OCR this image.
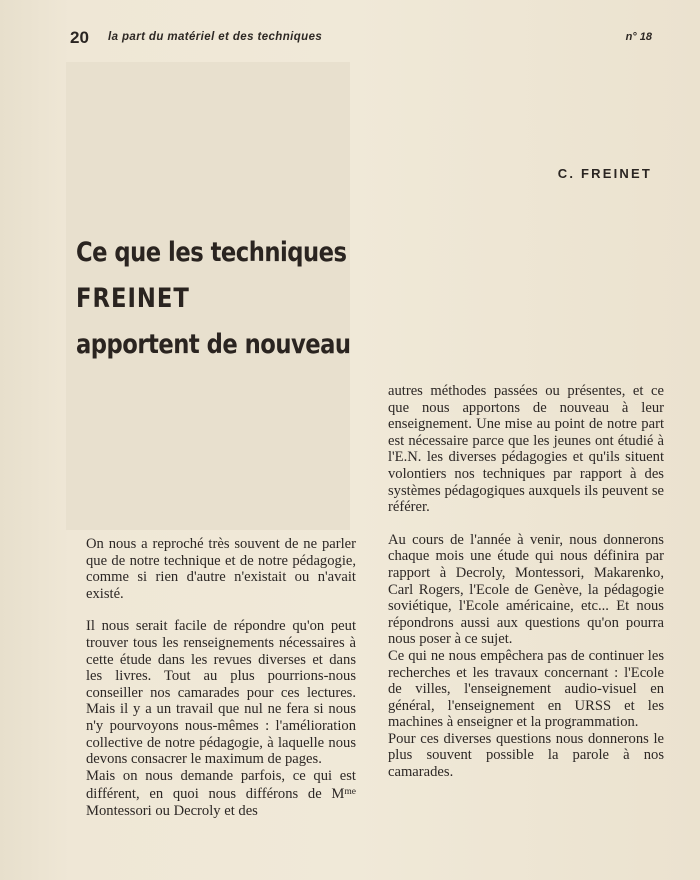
20 la part du matériel et des techniques	n° 18
C. FREINET
Ce que les techniques
FREINET
apportent de nouveau

On nous a reproché très souvent de ne parler que de notre technique et de notre pédagogie, comme si rien d'autre n'existait ou n'avait existé.

Il nous serait facile de répondre qu'on peut trouver tous les renseignements nécessaires à cette étude dans les revues diverses et dans les livres. Tout au plus pourrions-nous conseiller nos camarades pour ces lectures. Mais il y a un travail que nul ne fera si nous n'y pourvoyons nous-mêmes : l'amélioration collective de notre pédagogie, à laquelle nous devons consacrer le maximum de pages.

Mais on nous demande parfois, ce qui est différent, en quoi nous différons de $M^{me}$ Montessori ou Decroly et des

autres méthodes passées ou présentes, et ce que nous apportons de nouveau à leur enseignement. Une mise au point de notre part est nécessaire parce que les jeunes ont étudié à l'E.N. les diverses pédagogies et qu'ils situent volontiers nos techniques par rapport à des systèmes pédagogiques auxquels ils peuvent se référer.

Au cours de l'année à venir, nous donnerons chaque mois une étude qui nous définira par rapport à Decroly, Montessori, Makarenko, Carl Rogers, l'Ecole de Genève, la pédagogie soviétique, l'Ecole américaine, etc... Et nous répondrons aussi aux questions qu'on pourra nous poser à ce sujet.

Ce qui ne nous empêchera pas de continuer les recherches et les travaux concernant : l'Ecole de villes, l'enseignement audio-visuel en général, l'enseignement en URSS et les machines à enseigner et la programmation.

Pour ces diverses questions nous donnerons le plus souvent possible la parole à nos camarades.
